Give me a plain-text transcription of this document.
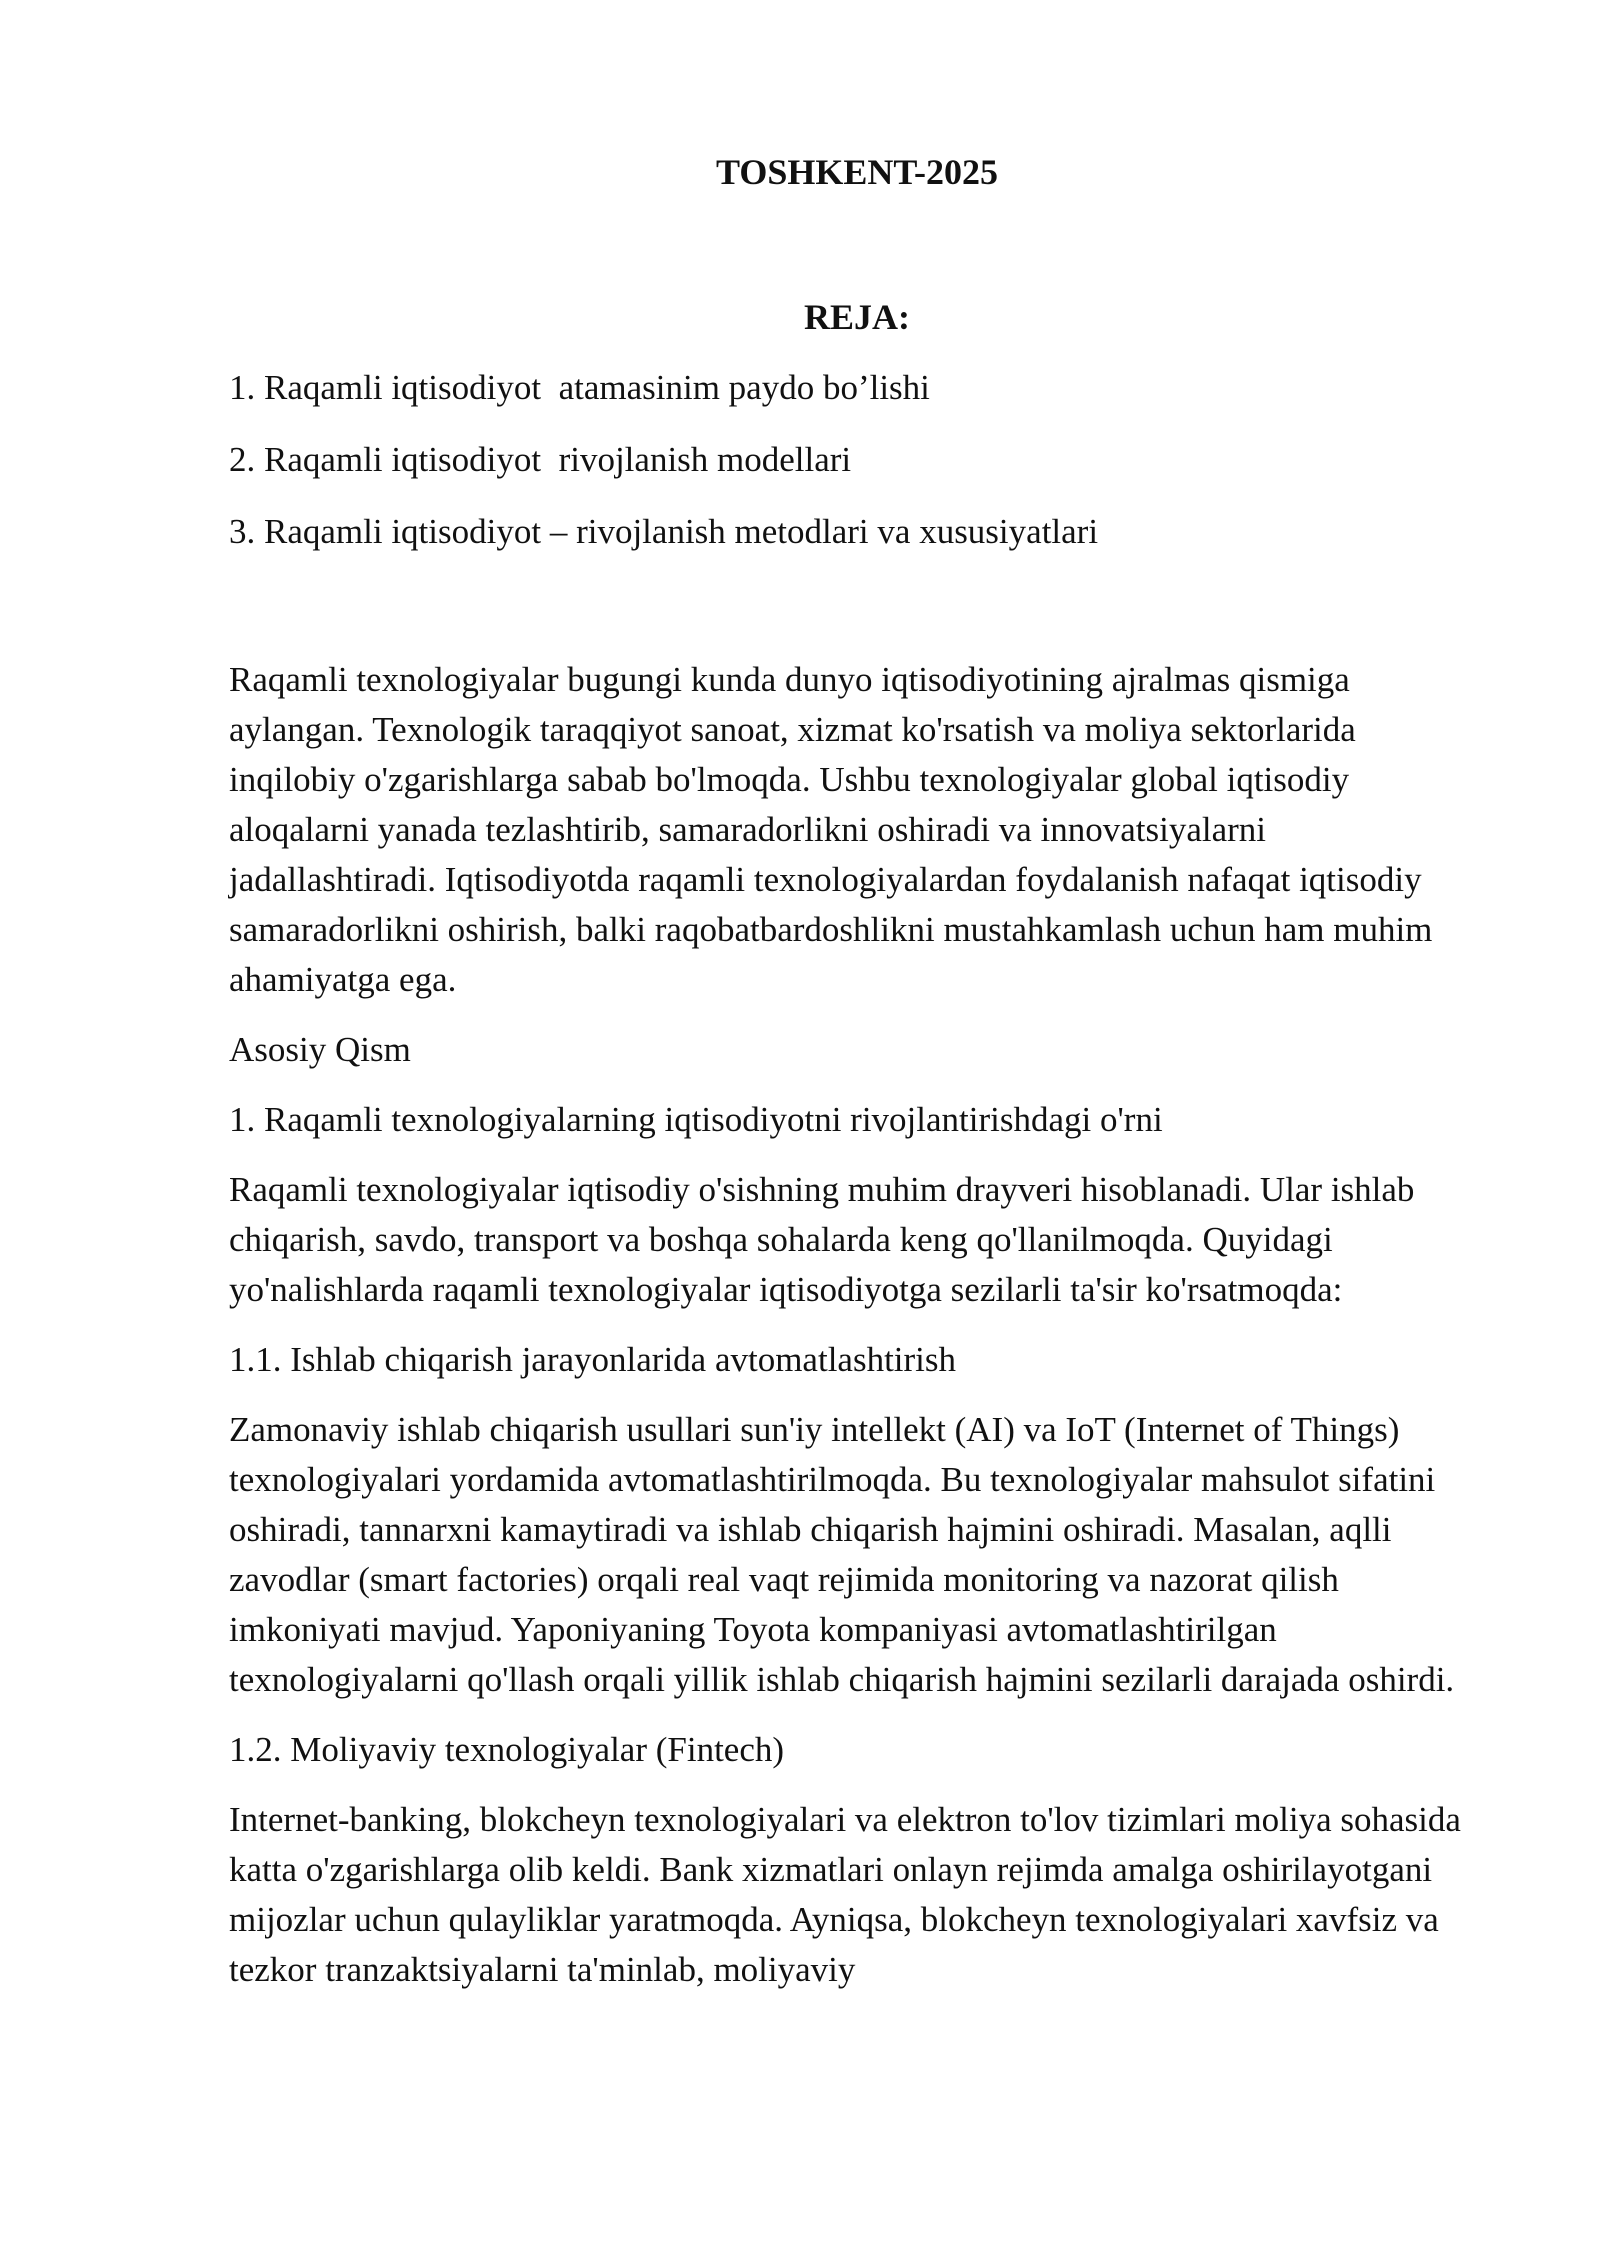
TOSHKENT-2025
REJA:
1. Raqamli iqtisodiyot  atamasinim paydo bo’lishi
2. Raqamli iqtisodiyot  rivojlanish modellari
3. Raqamli iqtisodiyot – rivojlanish metodlari va xususiyatlari

Raqamli texnologiyalar bugungi kunda dunyo iqtisodiyotining ajralmas qismiga aylangan. Texnologik taraqqiyot sanoat, xizmat ko'rsatish va moliya sektorlarida inqilobiy o'zgarishlarga sabab bo'lmoqda. Ushbu texnologiyalar global iqtisodiy aloqalarni yanada tezlashtirib, samaradorlikni oshiradi va innovatsiyalarni jadallashtiradi. Iqtisodiyotda raqamli texnologiyalardan foydalanish nafaqat iqtisodiy samaradorlikni oshirish, balki raqobatbardoshlikni mustahkamlash uchun ham muhim ahamiyatga ega.

Asosiy Qism

1. Raqamli texnologiyalarning iqtisodiyotni rivojlantirishdagi o'rni

Raqamli texnologiyalar iqtisodiy o'sishning muhim drayveri hisoblanadi. Ular ishlab chiqarish, savdo, transport va boshqa sohalarda keng qo'llanilmoqda. Quyidagi yo'nalishlarda raqamli texnologiyalar iqtisodiyotga sezilarli ta'sir ko'rsatmoqda:

1.1. Ishlab chiqarish jarayonlarida avtomatlashtirish

Zamonaviy ishlab chiqarish usullari sun'iy intellekt (AI) va IoT (Internet of Things) texnologiyalari yordamida avtomatlashtirilmoqda. Bu texnologiyalar mahsulot sifatini oshiradi, tannarxni kamaytiradi va ishlab chiqarish hajmini oshiradi. Masalan, aqlli zavodlar (smart factories) orqali real vaqt rejimida monitoring va nazorat qilish imkoniyati mavjud. Yaponiyaning Toyota kompaniyasi avtomatlashtirilgan texnologiyalarni qo'llash orqali yillik ishlab chiqarish hajmini sezilarli darajada oshirdi.

1.2. Moliyaviy texnologiyalar (Fintech)

Internet-banking, blokcheyn texnologiyalari va elektron to'lov tizimlari moliya sohasida katta o'zgarishlarga olib keldi. Bank xizmatlari onlayn rejimda amalga oshirilayotgani mijozlar uchun qulayliklar yaratmoqda. Ayniqsa, blokcheyn texnologiyalari xavfsiz va tezkor tranzaktsiyalarni ta'minlab, moliyaviy
